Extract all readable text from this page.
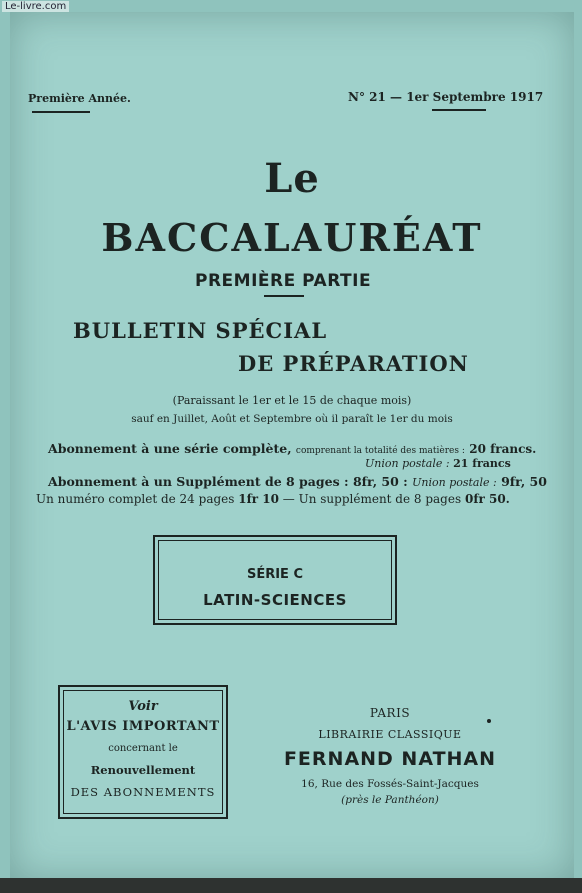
Le-livre.com
Première Année.	N° 21 — 1er Septembre 1917
Le
BACCALAURÉAT
PREMIÈRE PARTIE
BULLETIN SPÉCIAL
DE PRÉPARATION
(Paraissant le 1er et le 15 de chaque mois)
sauf en Juillet, Août et Septembre où il paraît le 1er du mois
Abonnement à une série complète, comprenant la totalité des matières : 20 francs.
Union postale : 21 francs
Abonnement à un Supplément de 8 pages : 8fr, 50 : Union postale : 9fr, 50
Un numéro complet de 24 pages 1fr 10 — Un supplément de 8 pages 0fr 50.
SÉRIE C
LATIN-SCIENCES
Voir
L'AVIS IMPORTANT
concernant le
Renouvellement
DES ABONNEMENTS
PARIS
LIBRAIRIE CLASSIQUE
FERNAND NATHAN
16, Rue des Fossés-Saint-Jacques
(près le Panthéon)
